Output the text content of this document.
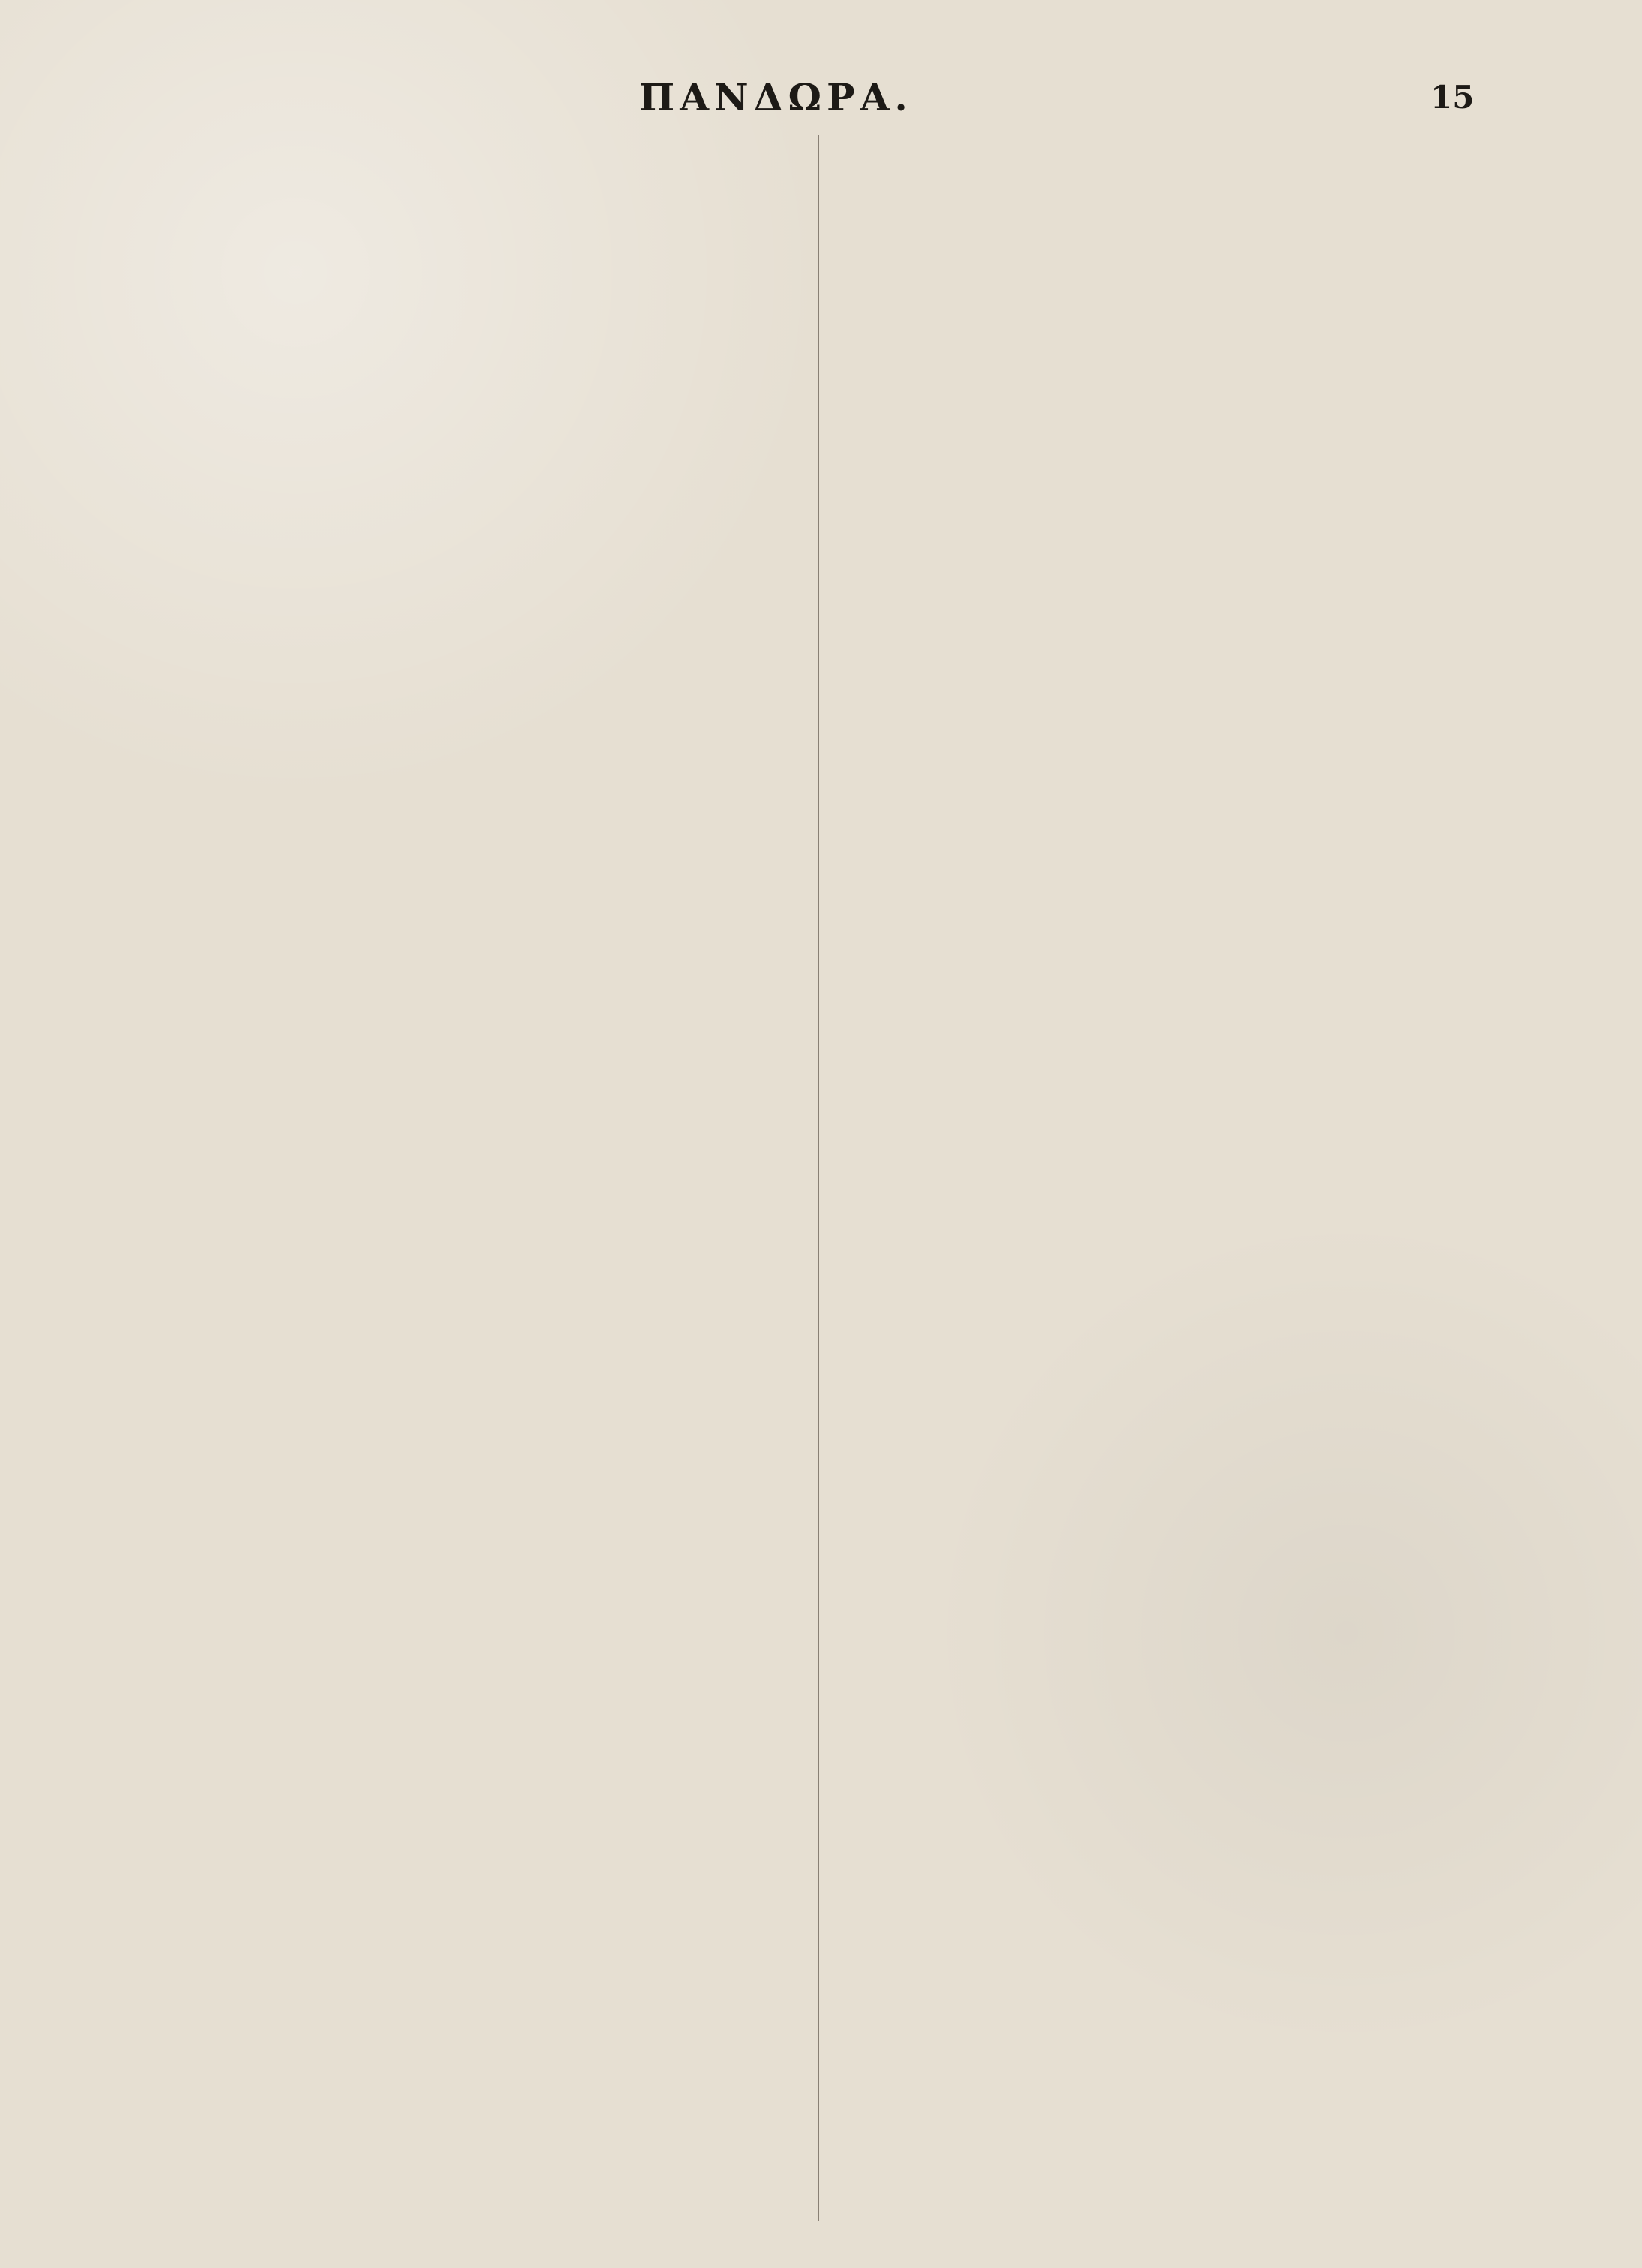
ΠΑΝΔΩΡΑ.	15
